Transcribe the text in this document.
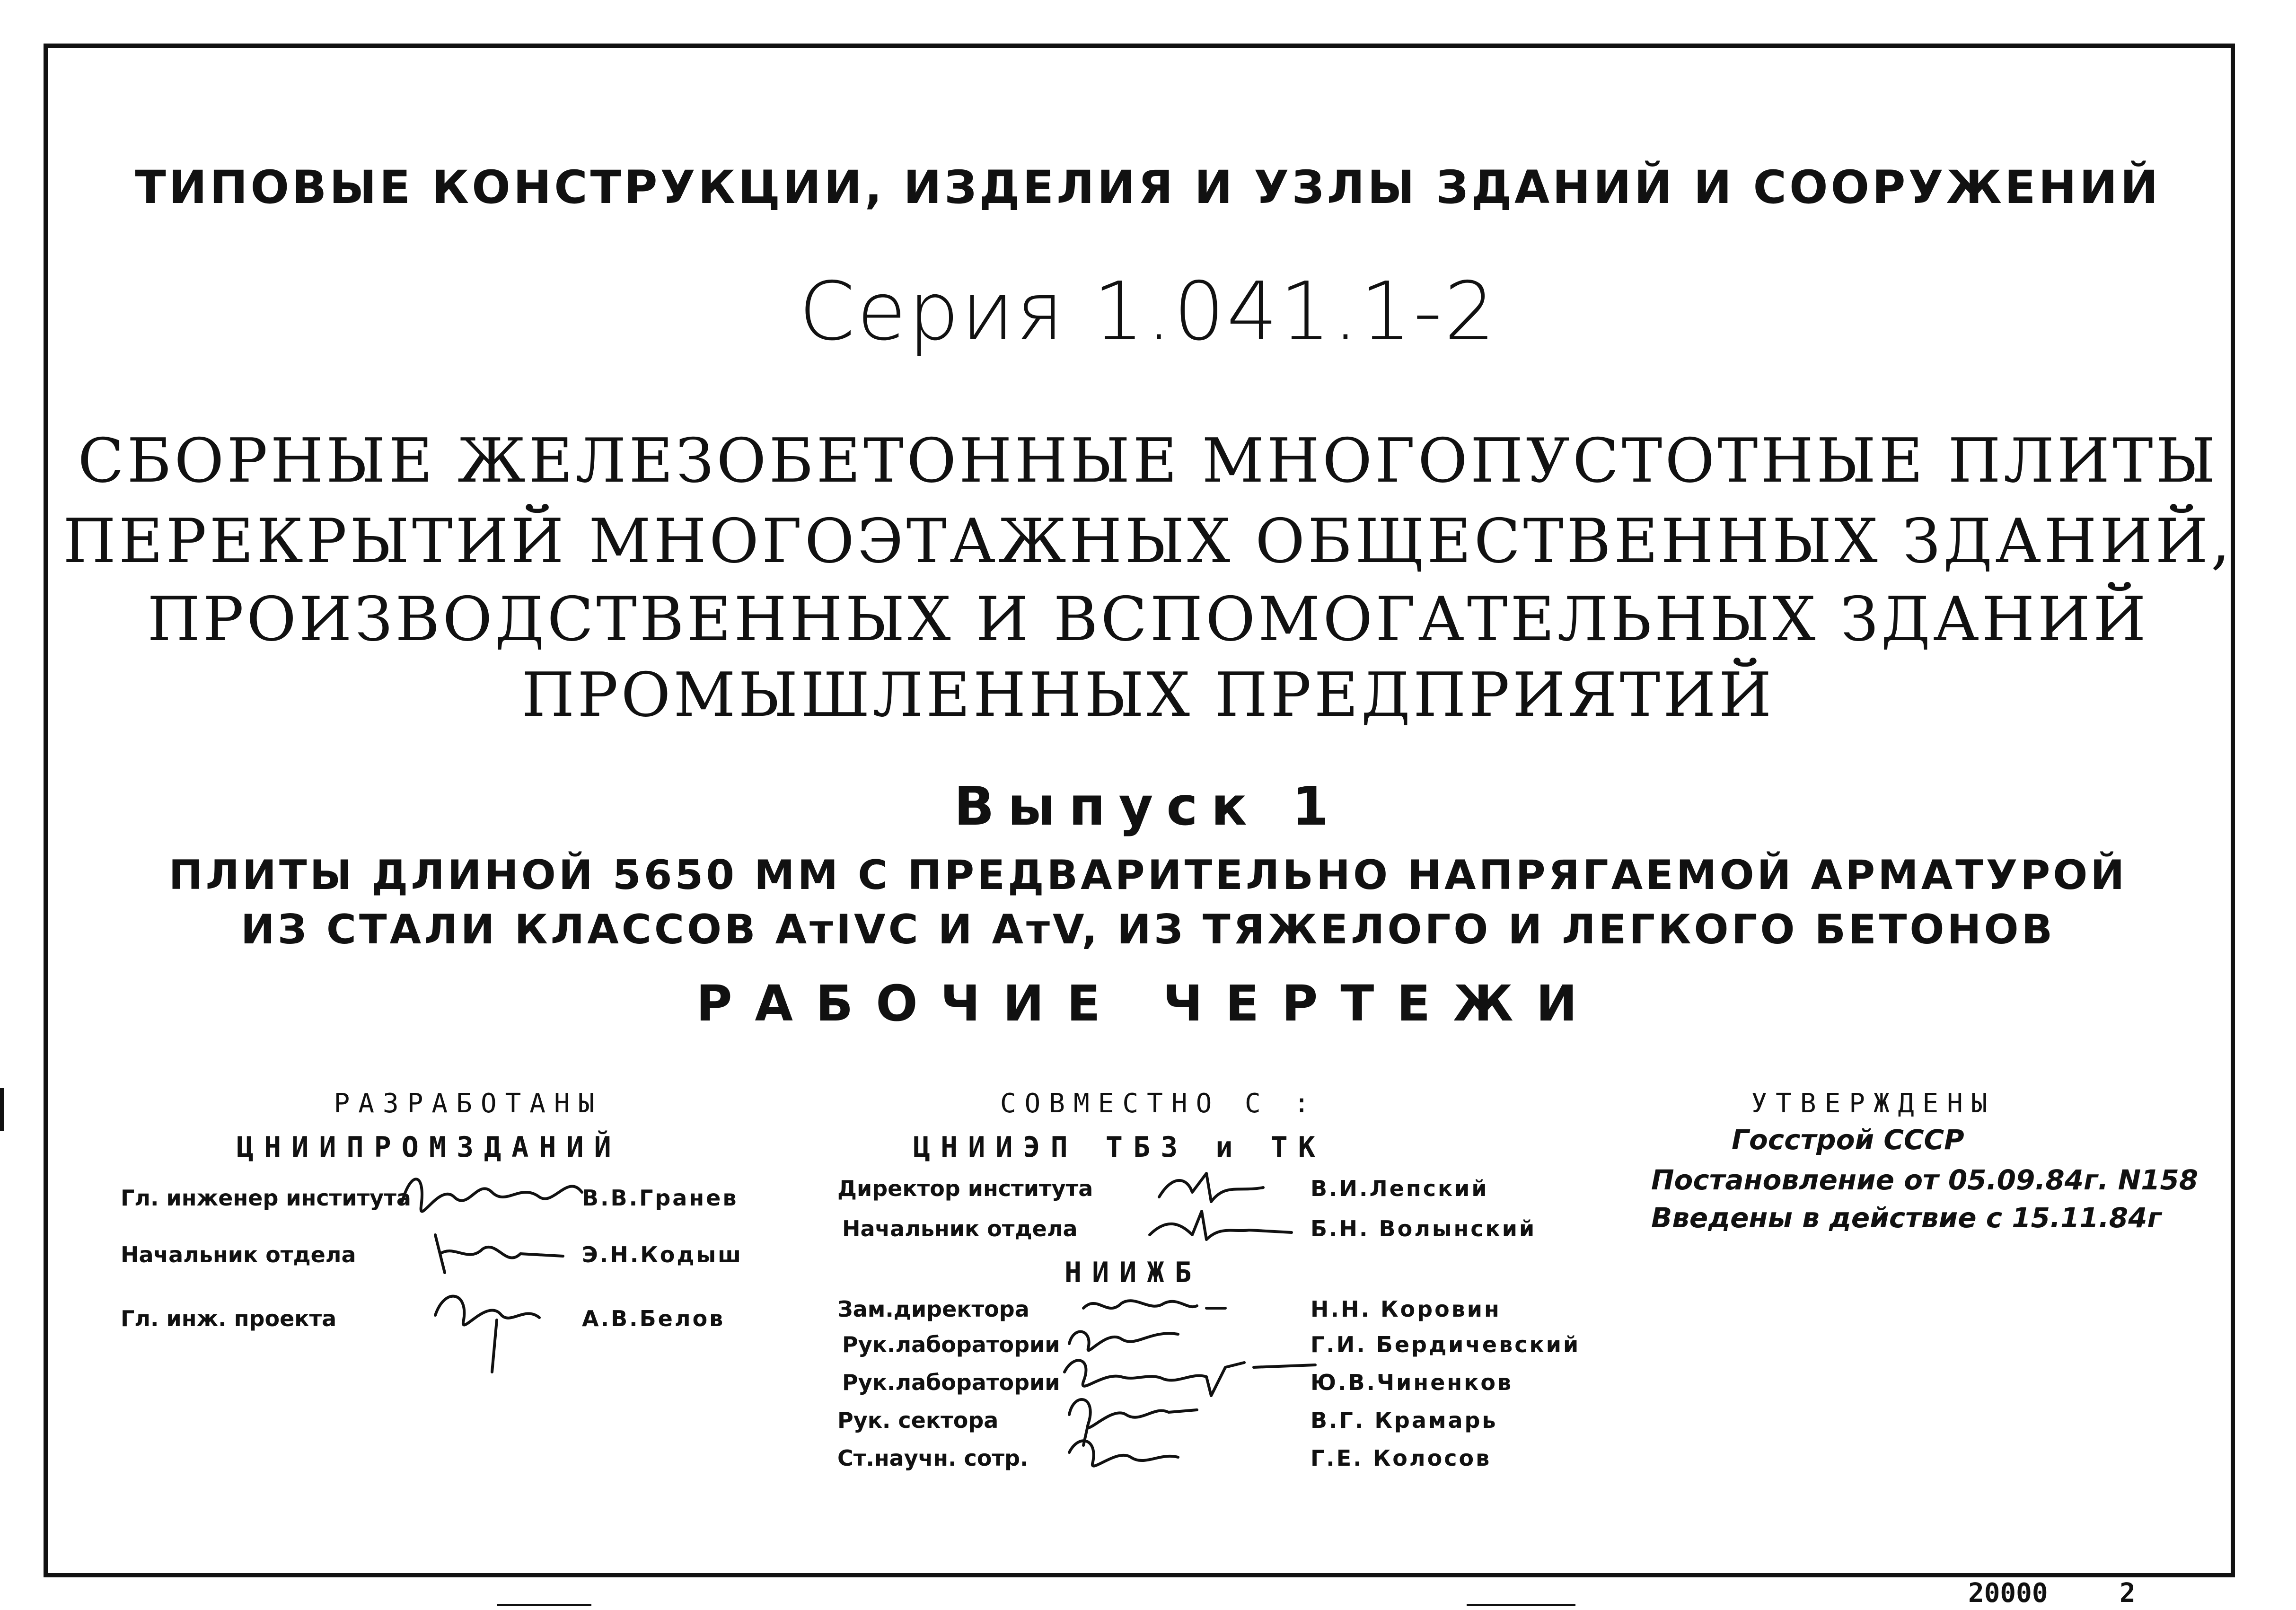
ТИПОВЫЕ КОНСТРУКЦИИ, ИЗДЕЛИЯ И УЗЛЫ ЗДАНИЙ И СООРУЖЕНИЙ
Серия 1.041.1-2
СБОРНЫЕ ЖЕЛЕЗОБЕТОННЫЕ МНОГОПУСТОТНЫЕ ПЛИТЫ
ПЕРЕКРЫТИЙ МНОГОЭТАЖНЫХ ОБЩЕСТВЕННЫХ ЗДАНИЙ,
ПРОИЗВОДСТВЕННЫХ И ВСПОМОГАТЕЛЬНЫХ ЗДАНИЙ
ПРОМЫШЛЕННЫХ ПРЕДПРИЯТИЙ
Выпуск 1
ПЛИТЫ ДЛИНОЙ 5650 ММ С ПРЕДВАРИТЕЛЬНО НАПРЯГАЕМОЙ АРМАТУРОЙ
ИЗ СТАЛИ КЛАССОВ АтIVC И АтV, ИЗ ТЯЖЕЛОГО И ЛЕГКОГО БЕТОНОВ
РАБОЧИЕ ЧЕРТЕЖИ
РАЗРАБОТАНЫ
ЦНИИПРОМЗДАНИЙ
Гл. инженер института	В.В.Гранев
Начальник отдела	Э.Н.Кодыш
Гл. инж. проекта	А.В.Белов
СОВМЕСТНО С :
ЦНИИЭП ТБЗ и ТК
Директор института	В.И.Лепский
Начальник отдела	Б.Н. Волынский
НИИЖБ
Зам.директора	Н.Н. Коровин
Рук.лаборатории	Г.И. Бердичевский
Рук.лаборатории	Ю.В.Чиненков
Рук. сектора	В.Г. Крамарь
Ст.научн. сотр.	Г.Е. Колосов
УТВЕРЖДЕНЫ
Госстрой СССР
Постановление от 05.09.84г. N158
Введены в действие с 15.11.84г
20000	2
